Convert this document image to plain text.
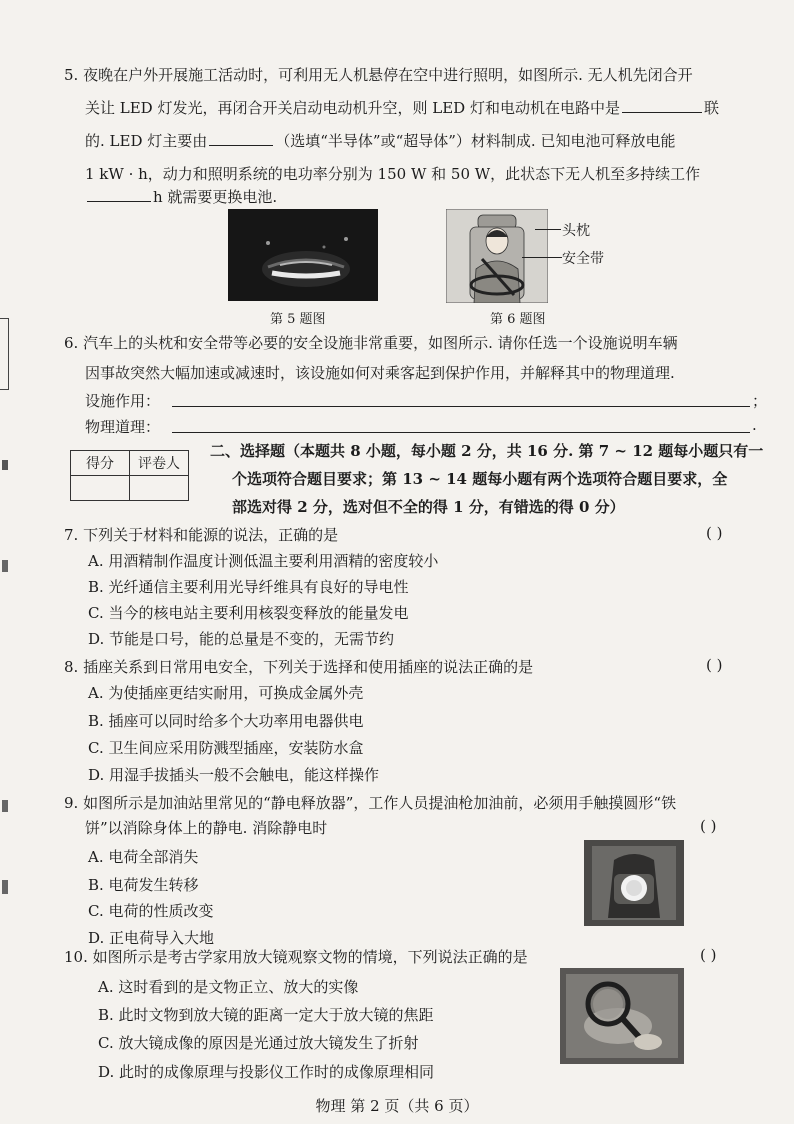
5. 夜晚在户外开展施工活动时，可利用无人机悬停在空中进行照明，如图所示. 无人机先闭合开
关让 LED 灯发光，再闭合开关启动电动机升空，则 LED 灯和电动机在电路中是	联
的. LED 灯主要由	（选填“半导体”或“超导体”）材料制成. 已知电池可释放电能
1 kW · h，动力和照明系统的电功率分别为 150 W 和 50 W，此状态下无人机至多持续工作
h 就需要更换电池.
第 5 题图
头枕
安全带
第 6 题图
6. 汽车上的头枕和安全带等必要的安全设施非常重要，如图所示. 请你任选一个设施说明车辆
因事故突然大幅加速或减速时，该设施如何对乘客起到保护作用，并解释其中的物理道理.
设施作用：	；
物理道理：	.
得分	评卷人

二、选择题（本题共 8 小题，每小题 2 分，共 16 分. 第 7 ~ 12 题每小题只有一
个选项符合题目要求；第 13 ~ 14 题每小题有两个选项符合题目要求，全
部选对得 2 分，选对但不全的得 1 分，有错选的得 0 分）
7. 下列关于材料和能源的说法，正确的是	( )
A. 用酒精制作温度计测低温主要利用酒精的密度较小
B. 光纤通信主要利用光导纤维具有良好的导电性
C. 当今的核电站主要利用核裂变释放的能量发电
D. 节能是口号，能的总量是不变的，无需节约
8. 插座关系到日常用电安全，下列关于选择和使用插座的说法正确的是	( )
A. 为使插座更结实耐用，可换成金属外壳
B. 插座可以同时给多个大功率用电器供电
C. 卫生间应采用防溅型插座，安装防水盒
D. 用湿手拔插头一般不会触电，能这样操作
9. 如图所示是加油站里常见的“静电释放器”，工作人员提油枪加油前，必须用手触摸圆形“铁
饼”以消除身体上的静电. 消除静电时	( )
A. 电荷全部消失
B. 电荷发生转移
C. 电荷的性质改变
D. 正电荷导入大地
10. 如图所示是考古学家用放大镜观察文物的情境，下列说法正确的是	( )
A. 这时看到的是文物正立、放大的实像
B. 此时文物到放大镜的距离一定大于放大镜的焦距
C. 放大镜成像的原因是光通过放大镜发生了折射
D. 此时的成像原理与投影仪工作时的成像原理相同
物理 第 2 页（共 6 页）
